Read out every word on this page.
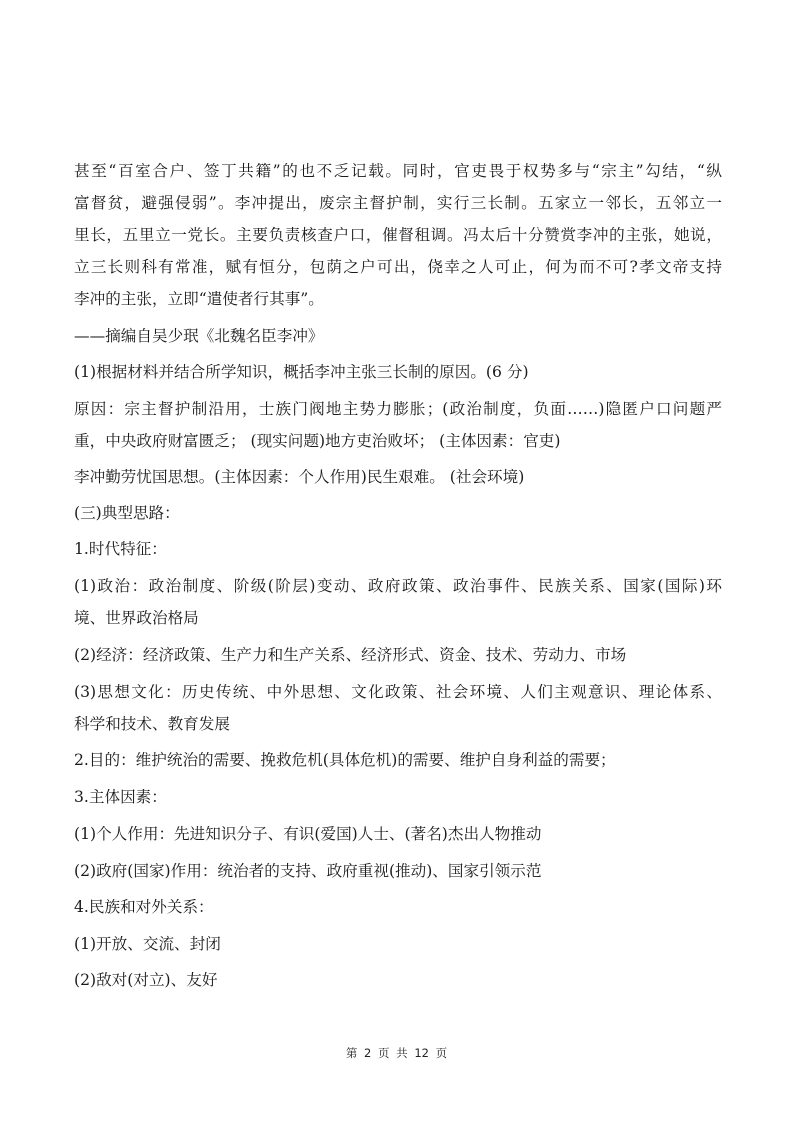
甚至“百室合户、签丁共籍”的也不乏记载。同时，官吏畏于权势多与“宗主”勾结，“纵
富督贫，避强侵弱”。李冲提出，废宗主督护制，实行三长制。五家立一邻长，五邻立一
里长，五里立一党长。主要负责核查户口，催督租调。冯太后十分赞赏李冲的主张，她说，
立三长则科有常准，赋有恒分，包荫之户可出，侥幸之人可止，何为而不可?孝文帝支持
李冲的主张，立即“遣使者行其事”。
——摘编自吴少珉《北魏名臣李冲》
(1)根据材料并结合所学知识，概括李冲主张三长制的原因。(6 分)
原因：宗主督护制沿用，士族门阀地主势力膨胀；(政治制度，负面……)隐匿户口问题严
重，中央政府财富匮乏； (现实问题)地方吏治败坏； (主体因素：官吏)
李冲勤劳忧国思想。(主体因素：个人作用)民生艰难。 (社会环境)
(三)典型思路：
1.时代特征：
(1)政治：政治制度、阶级(阶层)变动、政府政策、政治事件、民族关系、国家(国际)环
境、世界政治格局
(2)经济：经济政策、生产力和生产关系、经济形式、资金、技术、劳动力、市场
(3)思想文化：历史传统、中外思想、文化政策、社会环境、人们主观意识、理论体系、
科学和技术、教育发展
2.目的：维护统治的需要、挽救危机(具体危机)的需要、维护自身利益的需要；
3.主体因素：
(1)个人作用：先进知识分子、有识(爱国)人士、(著名)杰出人物推动
(2)政府(国家)作用：统治者的支持、政府重视(推动)、国家引领示范
4.民族和对外关系：
(1)开放、交流、封闭
(2)敌对(对立)、友好
第 2 页 共 12 页
